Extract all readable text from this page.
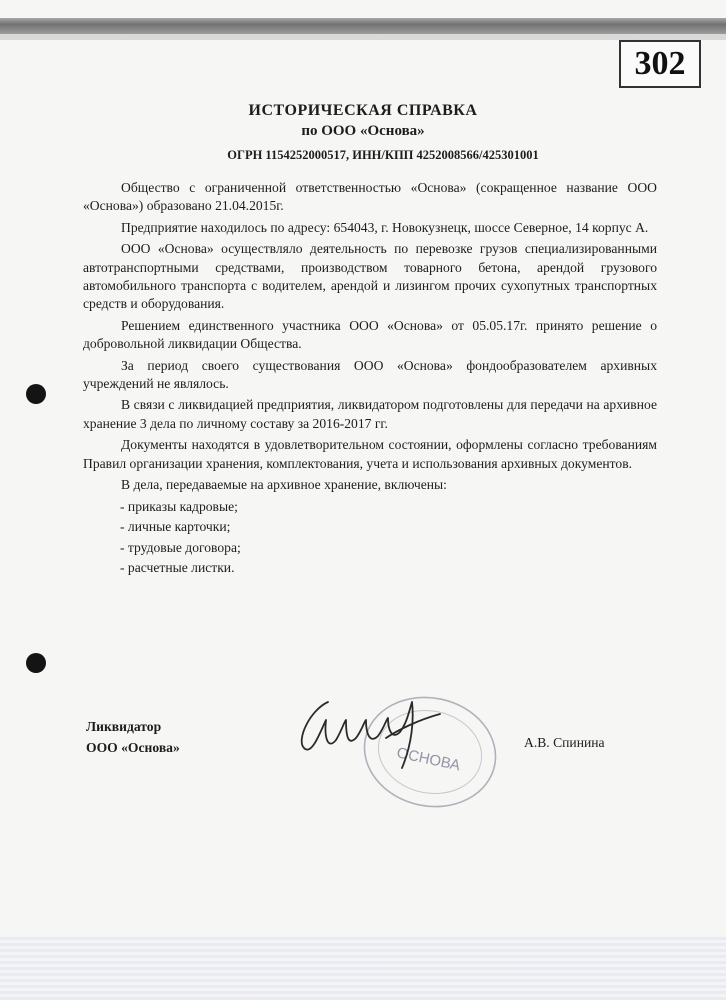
302
ИСТОРИЧЕСКАЯ СПРАВКА
по ООО «Основа»
ОГРН 1154252000517, ИНН/КПП 4252008566/425301001

Общество с ограниченной ответственностью «Основа» (сокращенное название ООО «Основа») образовано 21.04.2015г.

Предприятие находилось по адресу: 654043, г. Новокузнецк, шоссе Северное, 14 корпус А.

ООО «Основа» осуществляло деятельность по перевозке грузов специализированными автотранспортными средствами, производством товарного бетона, арендой грузового автомобильного транспорта с водителем, арендой и лизингом прочих сухопутных транспортных средств и оборудования.

Решением единственного участника ООО «Основа» от 05.05.17г. принято решение о добровольной ликвидации Общества.

За период своего существования ООО «Основа» фондообразователем архивных учреждений не являлось.

В связи с ликвидацией предприятия, ликвидатором подготовлены для передачи на архивное хранение 3 дела по личному составу за 2016-2017 гг.

Документы находятся в удовлетворительном состоянии, оформлены согласно требованиям Правил организации хранения, комплектования, учета и использования архивных документов.

В дела, передаваемые на архивное хранение, включены:

- приказы кадровые;
- личные карточки;
- трудовые договора;
- расчетные листки.
Ликвидатор
ООО «Основа»	ОСНОВА
А.В. Спинина
